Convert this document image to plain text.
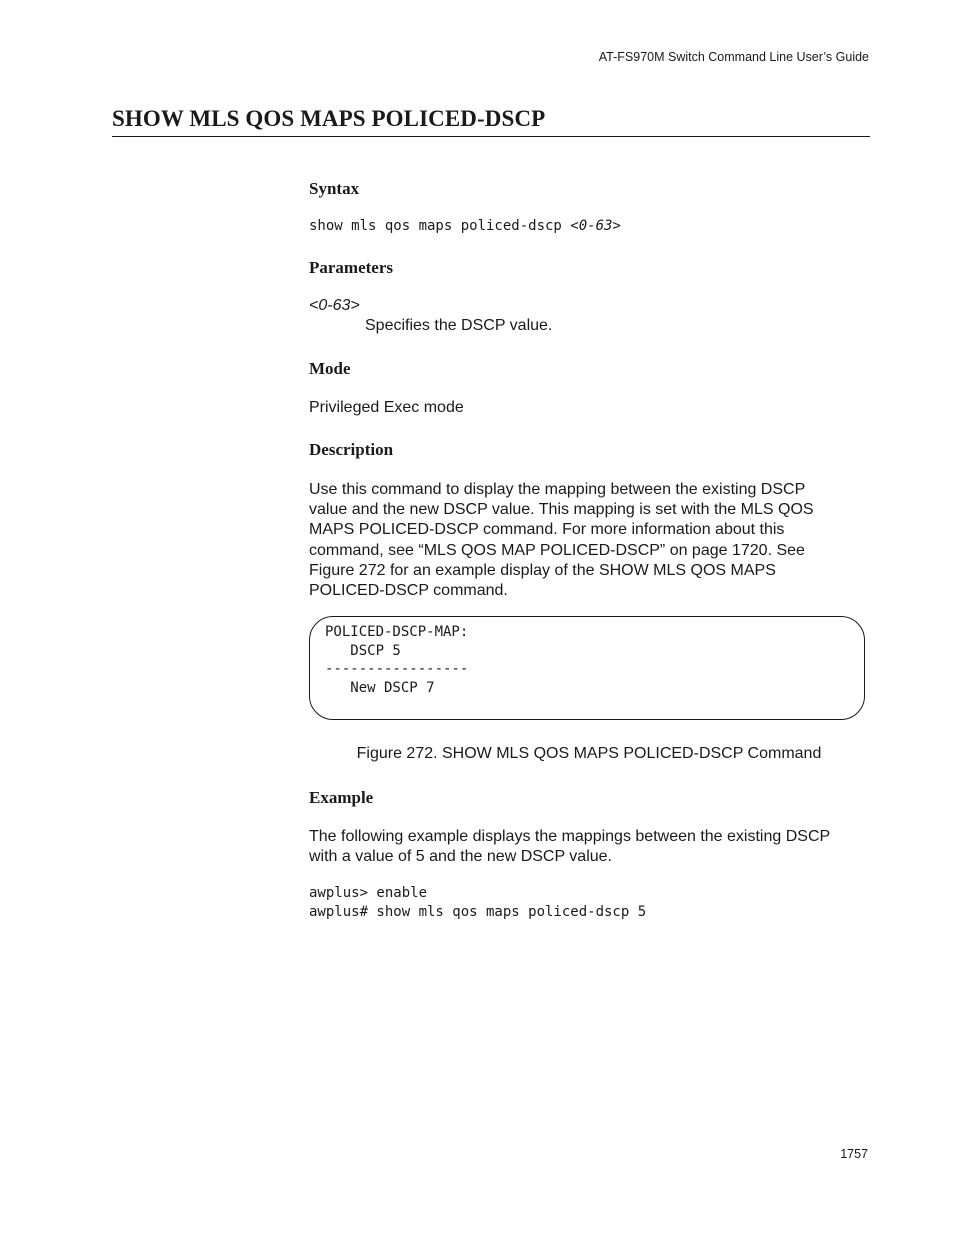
AT-FS970M Switch Command Line User’s Guide
SHOW MLS QOS MAPS POLICED-DSCP
Syntax
show mls qos maps policed-dscp <0-63>
Parameters
<0-63>
Specifies the DSCP value.
Mode
Privileged Exec mode
Description
Use this command to display the mapping between the existing DSCP
value and the new DSCP value. This mapping is set with the MLS QOS
MAPS POLICED-DSCP command. For more information about this
command, see “MLS QOS MAP POLICED-DSCP” on page 1720. See
Figure 272 for an example display of the SHOW MLS QOS MAPS
POLICED-DSCP command.
Example
The following example displays the mappings between the existing DSCP
with a value of 5 and the new DSCP value.
awplus> enable
awplus# show mls qos maps policed-dscp 5
POLICED-DSCP-MAP:
DSCP 5
-----------------
New DSCP 7
Figure 272. SHOW MLS QOS MAPS POLICED-DSCP Command
1757
